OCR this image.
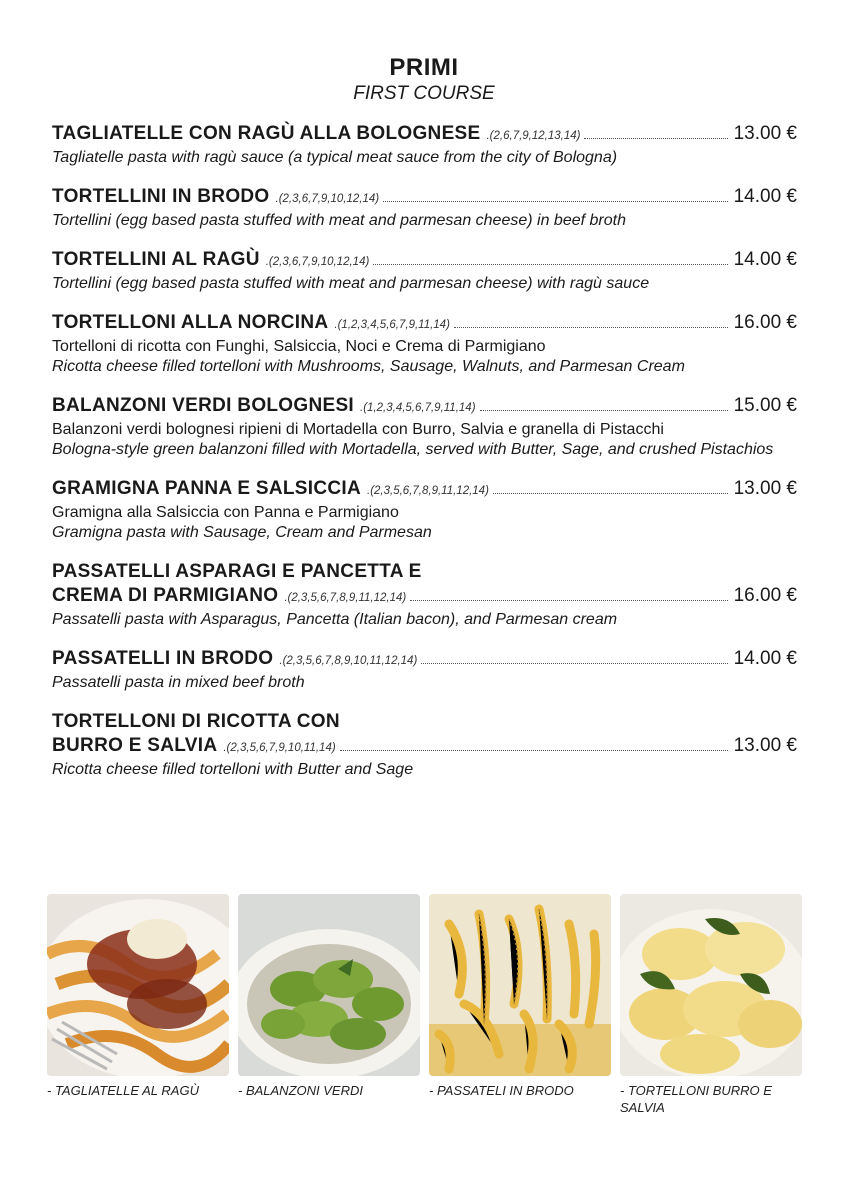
PRIMI
FIRST COURSE
TAGLIATELLE CON RAGÙ ALLA BOLOGNESE .(2,6,7,9,12,13,14)	13.00 €
Tagliatelle pasta with ragù sauce (a typical meat sauce from the city of Bologna)
TORTELLINI IN BRODO .(2,3,6,7,9,10,12,14)	14.00 €
Tortellini (egg based pasta stuffed with meat and parmesan cheese) in beef broth
TORTELLINI AL RAGÙ .(2,3,6,7,9,10,12,14)	14.00 €
Tortellini (egg based pasta stuffed with meat and parmesan cheese) with ragù sauce
TORTELLONI ALLA NORCINA .(1,2,3,4,5,6,7,9,11,14)	16.00 €
Tortelloni di ricotta con Funghi, Salsiccia, Noci e Crema di Parmigiano
Ricotta cheese filled tortelloni with Mushrooms, Sausage, Walnuts, and Parmesan Cream
BALANZONI VERDI BOLOGNESI .(1,2,3,4,5,6,7,9,11,14)	15.00 €
Balanzoni verdi bolognesi ripieni di Mortadella con Burro, Salvia e granella di Pistacchi
Bologna-style green balanzoni filled with Mortadella, served with Butter, Sage, and crushed Pistachios
GRAMIGNA PANNA E SALSICCIA .(2,3,5,6,7,8,9,11,12,14)	13.00 €
Gramigna alla Salsiccia con Panna e Parmigiano
Gramigna pasta with Sausage, Cream and Parmesan
PASSATELLI ASPARAGI E PANCETTA E
CREMA DI PARMIGIANO .(2,3,5,6,7,8,9,11,12,14)	16.00 €
Passatelli pasta with Asparagus, Pancetta (Italian bacon), and Parmesan cream
PASSATELLI IN BRODO .(2,3,5,6,7,8,9,10,11,12,14)	14.00 €
Passatelli pasta in mixed beef broth
TORTELLONI DI RICOTTA CON
BURRO E SALVIA .(2,3,5,6,7,9,10,11,14)	13.00 €
Ricotta cheese filled tortelloni with Butter and Sage
- TAGLIATELLE AL RAGÙ	- BALANZONI VERDI	- PASSATELI IN BRODO	- TORTELLONI BURRO E SALVIA
